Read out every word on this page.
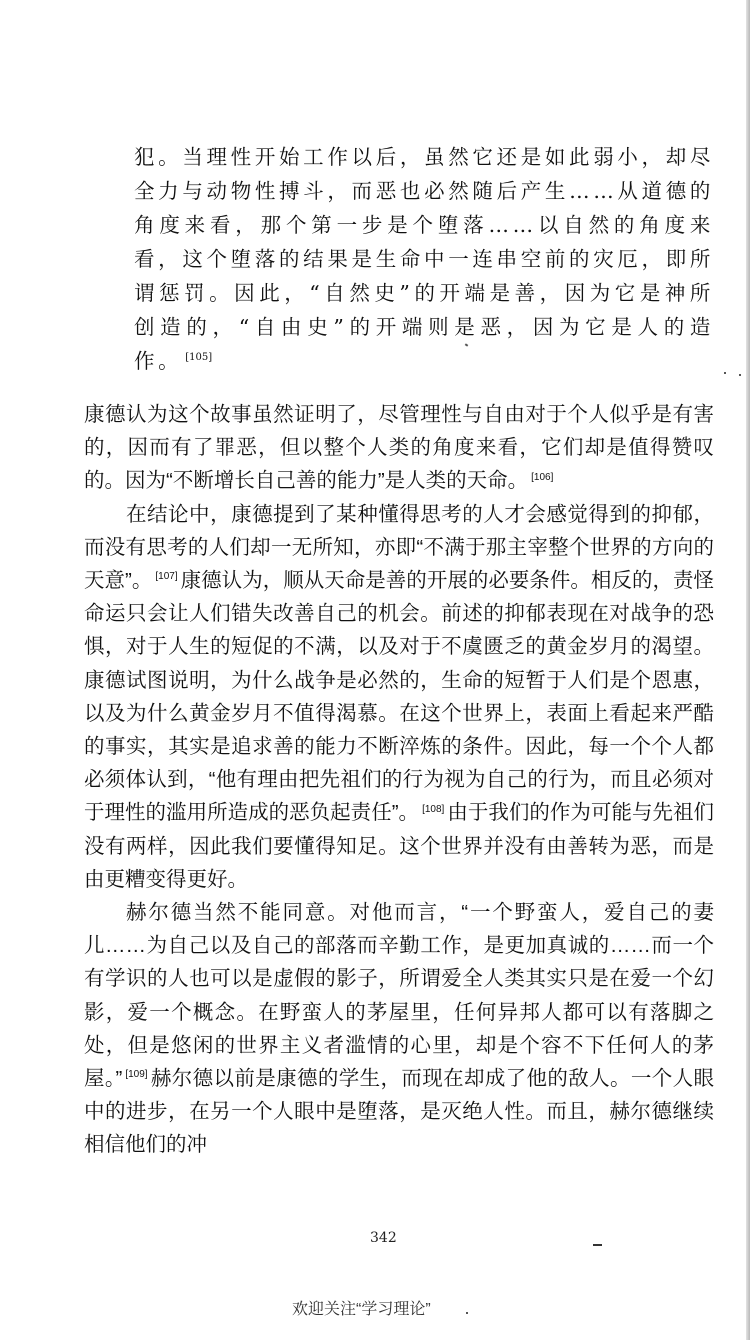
犯。当理性开始工作以后，虽然它还是如此弱小，却尽全力与动物性搏斗，而恶也必然随后产生……从道德的角度来看，那个第一步是个堕落……以自然的角度来看，这个堕落的结果是生命中一连串空前的灾厄，即所谓惩罚。因此，“自然史”的开端是善，因为它是神所创造的，“自由史”的开端则是恶，因为它是人的造作。 [105]

康德认为这个故事虽然证明了，尽管理性与自由对于个人似乎是有害的，因而有了罪恶，但以整个人类的角度来看，它们却是值得赞叹的。因为“不断增长自己善的能力”是人类的天命。 [106]

在结论中，康德提到了某种懂得思考的人才会感觉得到的抑郁，而没有思考的人们却一无所知，亦即“不满于那主宰整个世界的方向的天意”。 [107] 康德认为，顺从天命是善的开展的必要条件。相反的，责怪命运只会让人们错失改善自己的机会。前述的抑郁表现在对战争的恐惧，对于人生的短促的不满，以及对于不虞匮乏的黄金岁月的渴望。康德试图说明，为什么战争是必然的，生命的短暂于人们是个恩惠，以及为什么黄金岁月不值得渴慕。在这个世界上，表面上看起来严酷的事实，其实是追求善的能力不断淬炼的条件。因此，每一个个人都必须体认到，“他有理由把先祖们的行为视为自己的行为，而且必须对于理性的滥用所造成的恶负起责任”。 [108] 由于我们的作为可能与先祖们没有两样，因此我们要懂得知足。这个世界并没有由善转为恶，而是由更糟变得更好。

赫尔德当然不能同意。对他而言，“一个野蛮人，爱自己的妻儿……为自己以及自己的部落而辛勤工作，是更加真诚的……而一个有学识的人也可以是虚假的影子，所谓爱全人类其实只是在爱一个幻影，爱一个概念。在野蛮人的茅屋里，任何异邦人都可以有落脚之处，但是悠闲的世界主义者滥情的心里，却是个容不下任何人的茅屋。” [109] 赫尔德以前是康德的学生，而现在却成了他的敌人。一个人眼中的进步，在另一个人眼中是堕落，是灭绝人性。而且，赫尔德继续相信他们的冲

342
欢迎关注“学习理论”
